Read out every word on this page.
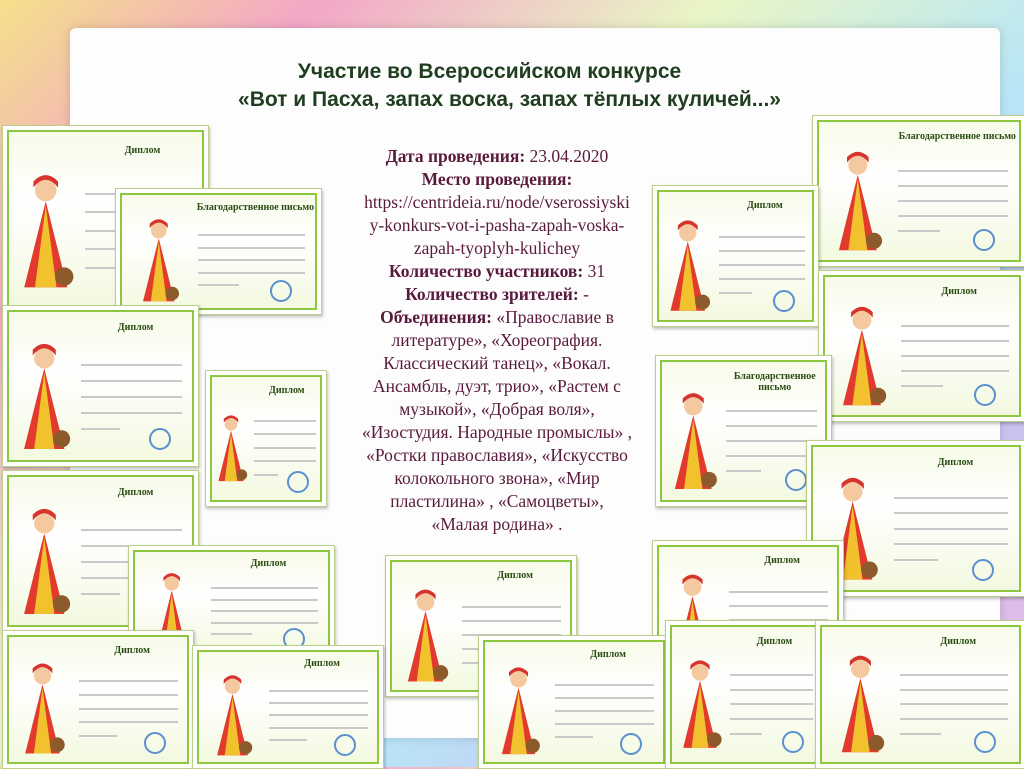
Диплом
Благодарственное письмо
Диплом
Диплом
Диплом
Диплом
Диплом
Диплом
Диплом
Благодарственное письмо
Диплом
Диплом
Благодарственное письмо
Диплом
Диплом
Диплом
Диплом	Диплом
Участие во Всероссийском конкурсе
«Вот и Пасха, запах воска, запах тёплых куличей...»
Дата проведения: 23.04.2020
Место проведения:
https://centrideia.ru/node/vserossiyski
y-konkurs-vot-i-pasha-zapah-voska-
zapah-tyoplyh-kulichey
Количество участников: 31
Количество зрителей: -
Объединения: «Православие в
литературе», «Хореография.
Классический танец», «Вокал.
Ансамбль, дуэт, трио», «Растем с
музыкой», «Добрая воля»,
«Изостудия. Народные промыслы» ,
«Ростки православия», «Искусство
колокольного звона», «Мир
пластилина» , «Самоцветы»,
«Малая родина» .
